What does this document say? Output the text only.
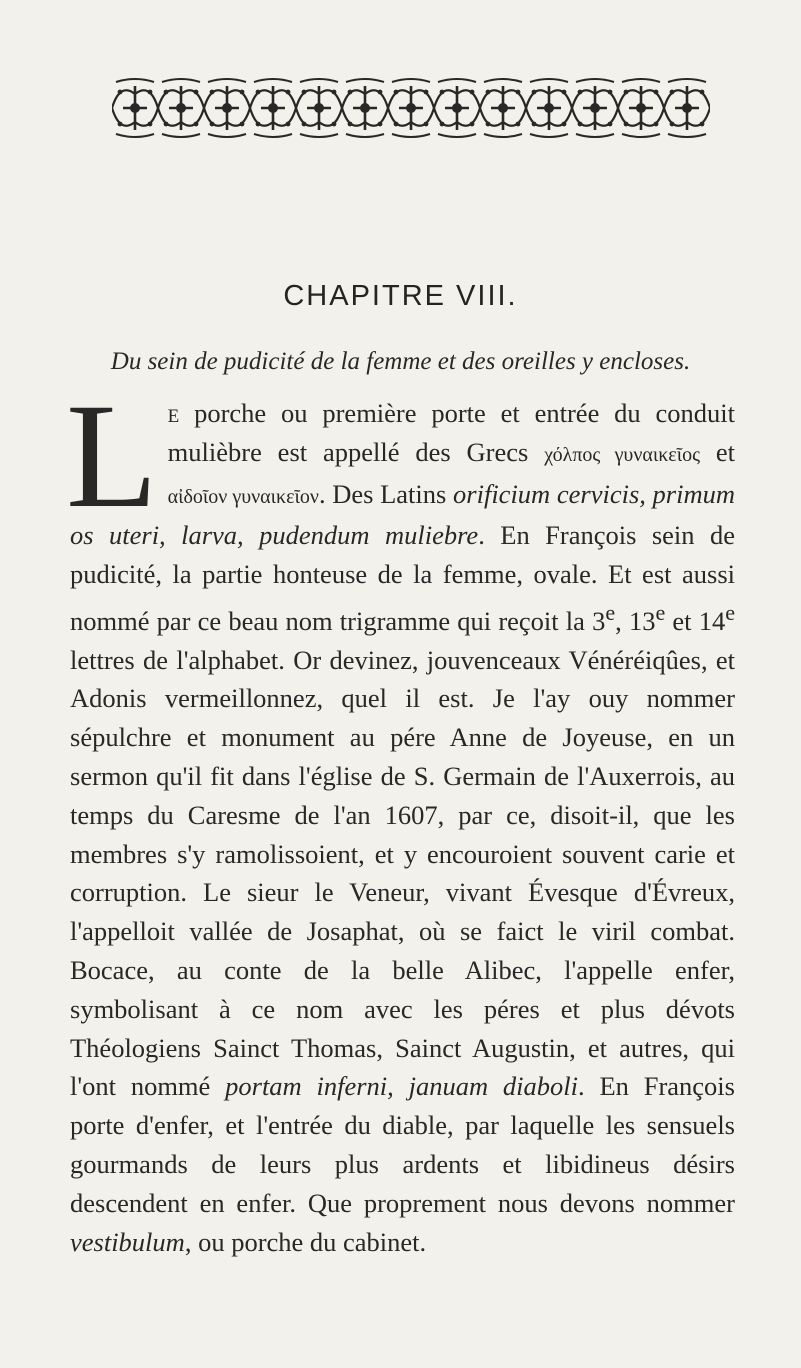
CHAPITRE VIII.
Du sein de pudicité de la femme et des oreilles y encloses.

Le porche ou première porte et entrée du conduit mulièbre est appellé des Grecs χόλπος γυναικεῖος et αἰδοῖον γυναικεῖον. Des Latins orificium cervicis, primum os uteri, larva, pudendum muliebre. En François sein de pudicité, la partie honteuse de la femme, ovale. Et est aussi nommé par ce beau nom trigramme qui reçoit la 3e, 13e et 14e lettres de l'alphabet. Or devinez, jouvenceaux Vénéréiqûes, et Adonis vermeillonnez, quel il est. Je l'ay ouy nommer sépulchre et monument au pére Anne de Joyeuse, en un sermon qu'il fit dans l'église de S. Germain de l'Auxerrois, au temps du Caresme de l'an 1607, par ce, disoit-il, que les membres s'y ramolissoient, et y encouroient souvent carie et corruption. Le sieur le Veneur, vivant Évesque d'Évreux, l'appelloit vallée de Josaphat, où se faict le viril combat. Bocace, au conte de la belle Alibec, l'appelle enfer, symbolisant à ce nom avec les péres et plus dévots Théologiens Sainct Thomas, Sainct Augustin, et autres, qui l'ont nommé portam inferni, januam diaboli. En François porte d'enfer, et l'entrée du diable, par laquelle les sensuels gourmands de leurs plus ardents et libidineus désirs descendent en enfer. Que proprement nous devons nommer vestibulum, ou porche du cabinet.
